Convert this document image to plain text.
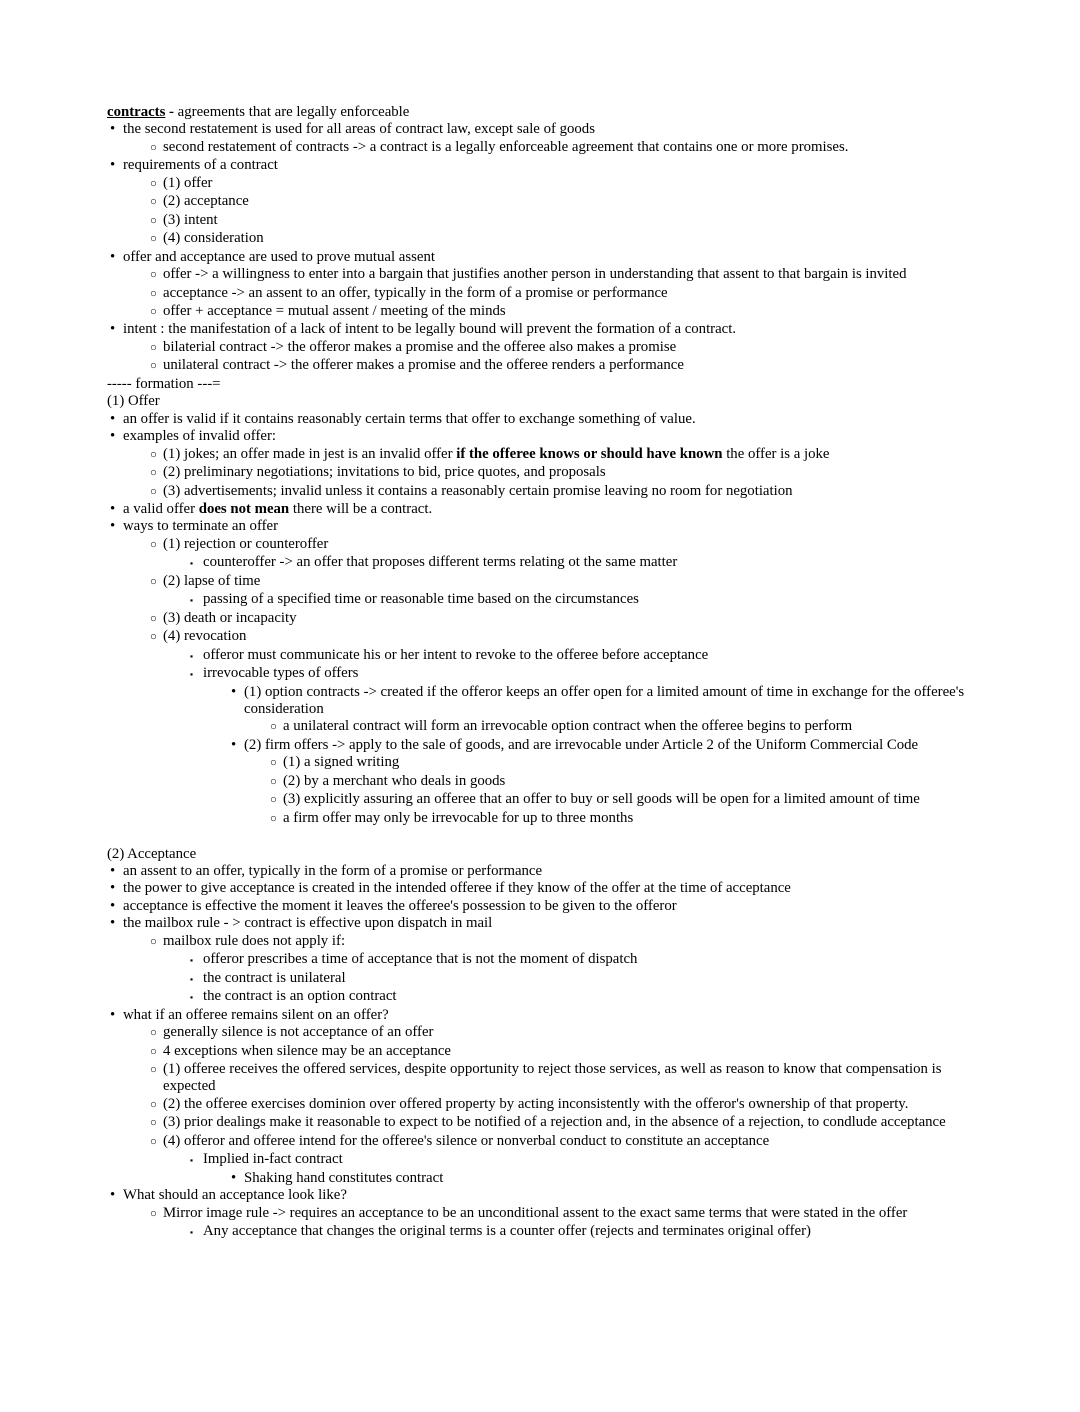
contracts - agreements that are legally enforceable
• the second restatement is used for all areas of contract law, except sale of goods
○ second restatement of contracts -> a contract is a legally enforceable agreement that contains one or more promises.
• requirements of a contract
○ (1) offer
○ (2) acceptance
○ (3) intent
○ (4) consideration
• offer and acceptance are used to prove mutual assent
○ offer -> a willingness to enter into a bargain that justifies another person in understanding that assent to that bargain is invited
○ acceptance -> an assent to an offer, typically in the form of a promise or performance
○ offer + acceptance = mutual assent / meeting of the minds
• intent : the manifestation of a lack of intent to be legally bound will prevent the formation of a contract.
○ bilaterial contract -> the offeror makes a promise and the offeree also makes a promise
○ unilateral contract -> the offerer makes a promise and the offeree renders a performance
----- formation ---=
(1) Offer
• an offer is valid if it contains reasonably certain terms that offer to exchange something of value.
• examples of invalid offer:
○ (1) jokes; an offer made in jest is an invalid offer if the offeree knows or should have known the offer is a joke
○ (2) preliminary negotiations; invitations to bid, price quotes, and proposals
○ (3) advertisements; invalid unless it contains a reasonably certain promise leaving no room for negotiation
• a valid offer does not mean there will be a contract.
• ways to terminate an offer
○ (1) rejection or counteroffer
▪ counteroffer -> an offer that proposes different terms relating ot the same matter
○ (2) lapse of time
▪ passing of a specified time or reasonable time based on the circumstances
○ (3) death or incapacity
○ (4) revocation
▪ offeror must communicate his or her intent to revoke to the offeree before acceptance
▪ irrevocable types of offers
• (1) option contracts -> created if the offeror keeps an offer open for a limited amount of time in exchange for the offeree's consideration
○ a unilateral contract will form an irrevocable option contract when the offeree begins to perform
• (2) firm offers -> apply to the sale of goods, and are irrevocable under Article 2 of the Uniform Commercial Code
○ (1) a signed writing
○ (2) by a merchant who deals in goods
○ (3) explicitly assuring an offeree that an offer to buy or sell goods will be open for a limited amount of time
○ a firm offer may only be irrevocable for up to three months
(2) Acceptance
• an assent to an offer, typically in the form of a promise or performance
• the power to give acceptance is created in the intended offeree if they know of the offer at the time of acceptance
• acceptance is effective the moment it leaves the offeree's possession to be given to the offeror
• the mailbox rule - > contract is effective upon dispatch in mail
○ mailbox rule does not apply if:
▪ offeror prescribes a time of acceptance that is not the moment of dispatch
▪ the contract is unilateral
▪ the contract is an option contract
• what if an offeree remains silent on an offer?
○ generally silence is not acceptance of an offer
○ 4 exceptions when silence may be an acceptance
○ (1) offeree receives the offered services, despite opportunity to reject those services, as well as reason to know that compensation is expected
○ (2) the offeree exercises dominion over offered property by acting inconsistently with the offeror's ownership of that property.
○ (3) prior dealings make it reasonable to expect to be notified of a rejection and, in the absence of a rejection, to condlude acceptance
○ (4) offeror and offeree intend for the offeree's silence or nonverbal conduct to constitute an acceptance
▪ Implied in-fact contract
• Shaking hand constitutes contract
• What should an acceptance look like?
○ Mirror image rule -> requires an acceptance to be an unconditional assent to the exact same terms that were stated in the offer
▪ Any acceptance that changes the original terms is a counter offer (rejects and terminates original offer)
